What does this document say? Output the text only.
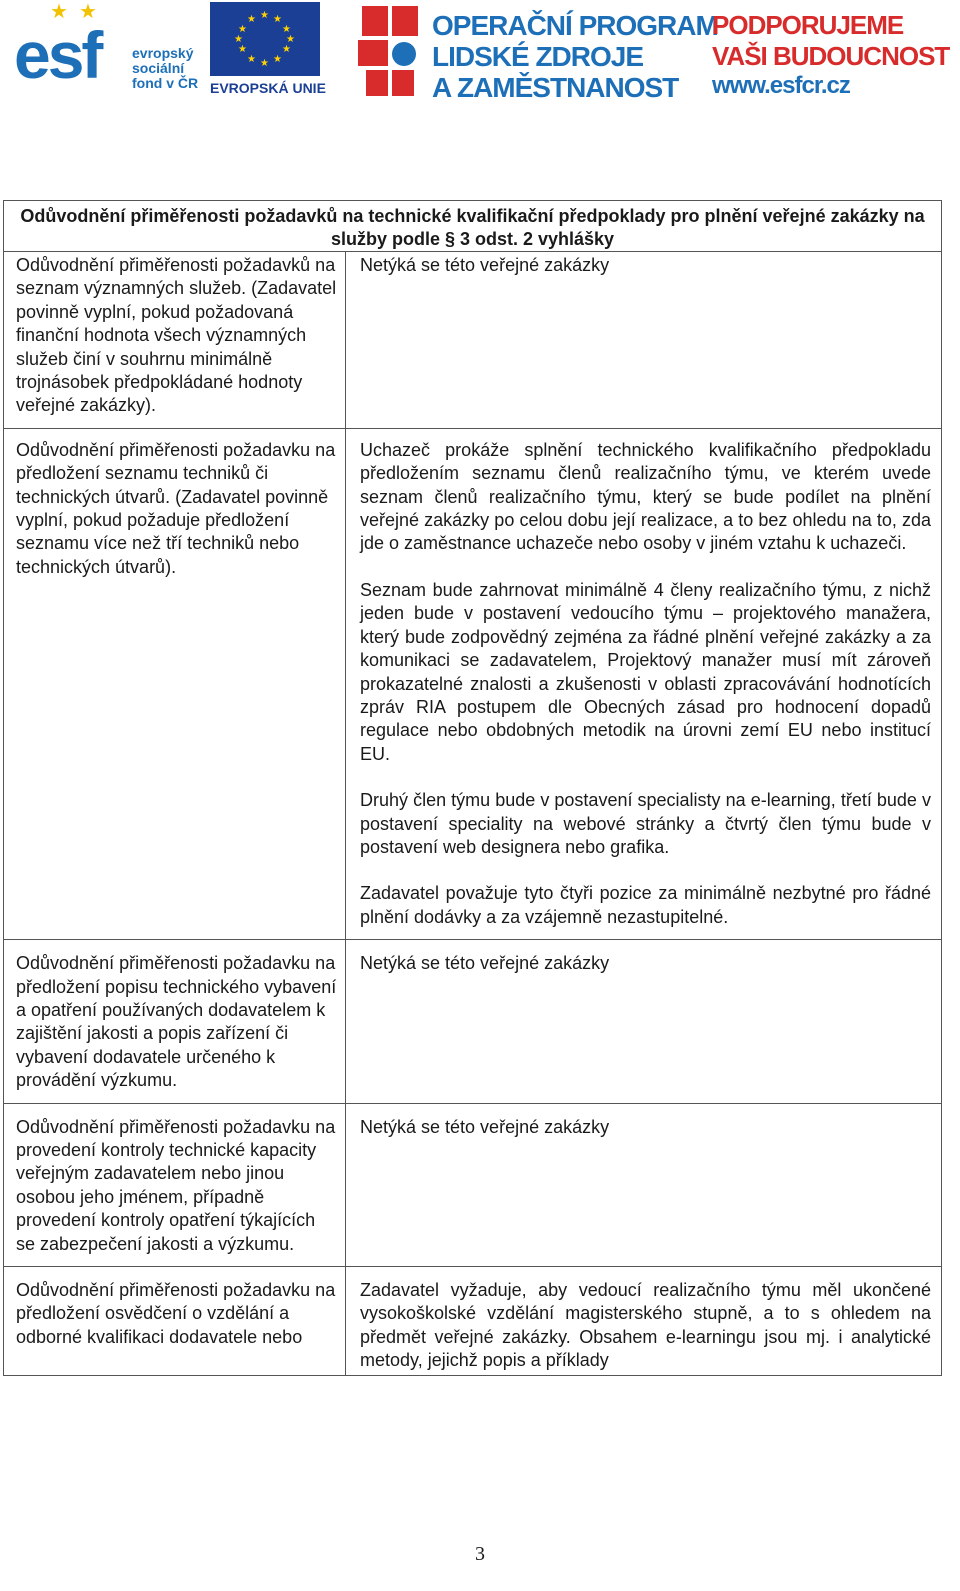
★  ★
esf evropský
sociální
fond v ČR
★ ★
★
★
★
★
★
★
★
★
★
★
EVROPSKÁ UNIE
OPERAČNÍ PROGRAM
LIDSKÉ ZDROJE
A ZAMĚSTNANOST
PODPORUJEME
VAŠI BUDOUCNOST
www.esfcr.cz
Odůvodnění přiměřenosti požadavků na technické kvalifikační předpoklady pro plnění veřejné zakázky na služby podle § 3 odst. 2 vyhlášky	

Odůvodnění přiměřenosti požadavků na seznam významných služeb. (Zadavatel povinně vyplní, pokud požadovaná finanční hodnota všech významných služeb činí v souhrnu minimálně trojnásobek předpokládané hodnoty veřejné zakázky).	Netýká se této veřejné zakázky

Odůvodnění přiměřenosti požadavku na předložení seznamu techniků či technických útvarů. (Zadavatel povinně vyplní, pokud požaduje předložení seznamu více než tří techniků nebo technických útvarů).	Uchazeč prokáže splnění technického kvalifikačního předpokladu předložením seznamu členů realizačního týmu, ve kterém uvede seznam členů realizačního týmu, který se bude podílet na plnění veřejné zakázky po celou dobu její realizace, a to bez ohledu na to, zda jde o zaměstnance uchazeče nebo osoby v jiném vztahu k uchazeči.

Seznam bude zahrnovat minimálně 4 členy realizačního týmu, z nichž jeden bude v postavení vedoucího týmu – projektového manažera, který bude zodpovědný zejména za řádné plnění veřejné zakázky a za komunikaci se zadavatelem, Projektový manažer musí mít zároveň prokazatelné znalosti a zkušenosti v oblasti zpracovávání hodnotících zpráv RIA postupem dle Obecných zásad pro hodnocení dopadů regulace nebo obdobných metodik na úrovni zemí EU nebo institucí EU.

Druhý člen týmu bude v postavení specialisty na e-learning, třetí bude v postavení speciality na webové stránky a čtvrtý člen týmu bude v postavení web designera nebo grafika.

Zadavatel považuje tyto čtyři pozice za minimálně nezbytné pro řádné plnění dodávky a za vzájemně nezastupitelné.

Odůvodnění přiměřenosti požadavku na předložení popisu technického vybavení a opatření používaných dodavatelem k zajištění jakosti a popis zařízení či vybavení dodavatele určeného k provádění výzkumu.	Netýká se této veřejné zakázky

Odůvodnění přiměřenosti požadavku na provedení kontroly technické kapacity veřejným zadavatelem nebo jinou osobou jeho jménem, případně provedení kontroly opatření týkajících se zabezpečení jakosti a výzkumu.	Netýká se této veřejné zakázky

Odůvodnění přiměřenosti požadavku na předložení osvědčení o vzdělání a odborné kvalifikaci dodavatele nebo	Zadavatel vyžaduje, aby vedoucí realizačního týmu měl ukončené vysokoškolské vzdělání magisterského stupně, a to s ohledem na předmět veřejné zakázky. Obsahem e-learningu jsou mj. i analytické metody, jejichž popis a příklady

3
